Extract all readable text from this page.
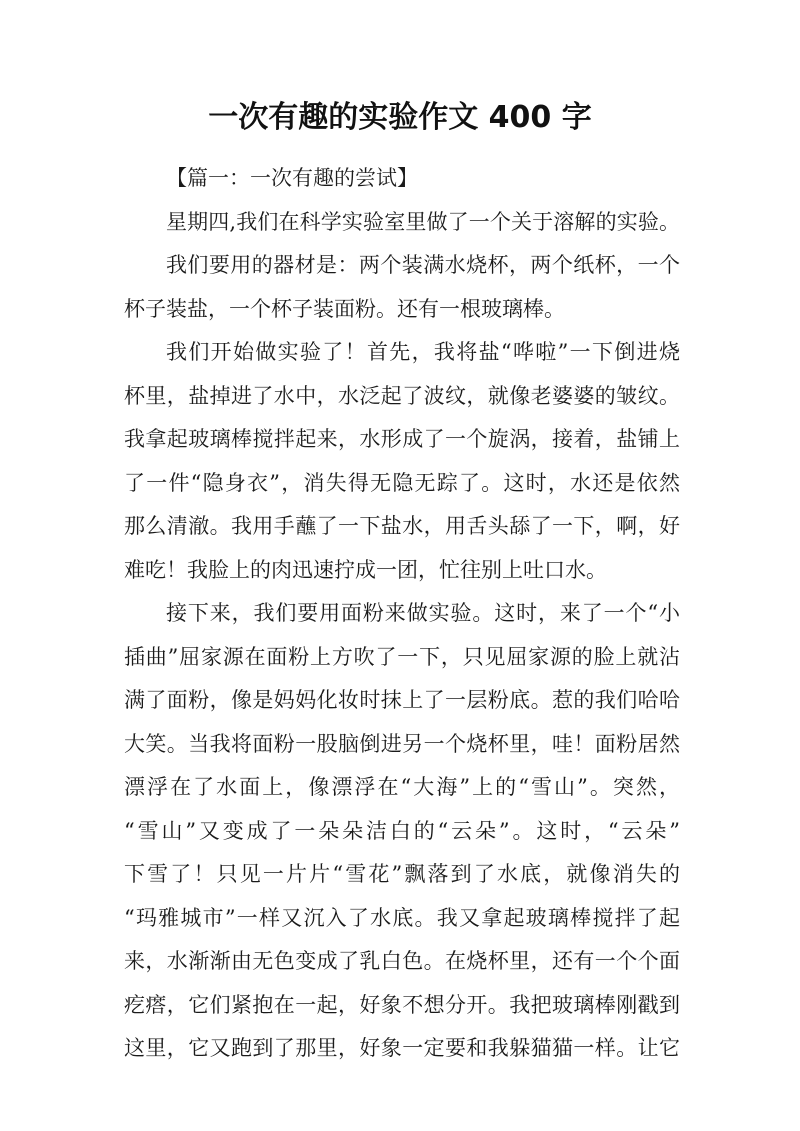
一次有趣的实验作文 400 字
【篇一：一次有趣的尝试】
星期四,我们在科学实验室里做了一个关于溶解的实验。
我们要用的器材是：两个装满水烧杯，两个纸杯，一个
杯子装盐，一个杯子装面粉。还有一根玻璃棒。
我们开始做实验了！首先，我将盐“哗啦”一下倒进烧
杯里，盐掉进了水中，水泛起了波纹，就像老婆婆的皱纹。
我拿起玻璃棒搅拌起来，水形成了一个旋涡，接着，盐铺上
了一件“隐身衣”，消失得无隐无踪了。这时，水还是依然
那么清澈。我用手蘸了一下盐水，用舌头舔了一下，啊，好
难吃！我脸上的肉迅速拧成一团，忙往别上吐口水。
接下来，我们要用面粉来做实验。这时，来了一个“小
插曲”屈家源在面粉上方吹了一下，只见屈家源的脸上就沾
满了面粉，像是妈妈化妆时抹上了一层粉底。惹的我们哈哈
大笑。当我将面粉一股脑倒进另一个烧杯里，哇！面粉居然
漂浮在了水面上，像漂浮在“大海”上的“雪山”。突然，
“雪山”又变成了一朵朵洁白的“云朵”。这时，“云朵”
下雪了！只见一片片“雪花”飘落到了水底，就像消失的
“玛雅城市”一样又沉入了水底。我又拿起玻璃棒搅拌了起
来，水渐渐由无色变成了乳白色。在烧杯里，还有一个个面
疙瘩，它们紧抱在一起，好象不想分开。我把玻璃棒刚戳到
这里，它又跑到了那里，好象一定要和我躲猫猫一样。让它
